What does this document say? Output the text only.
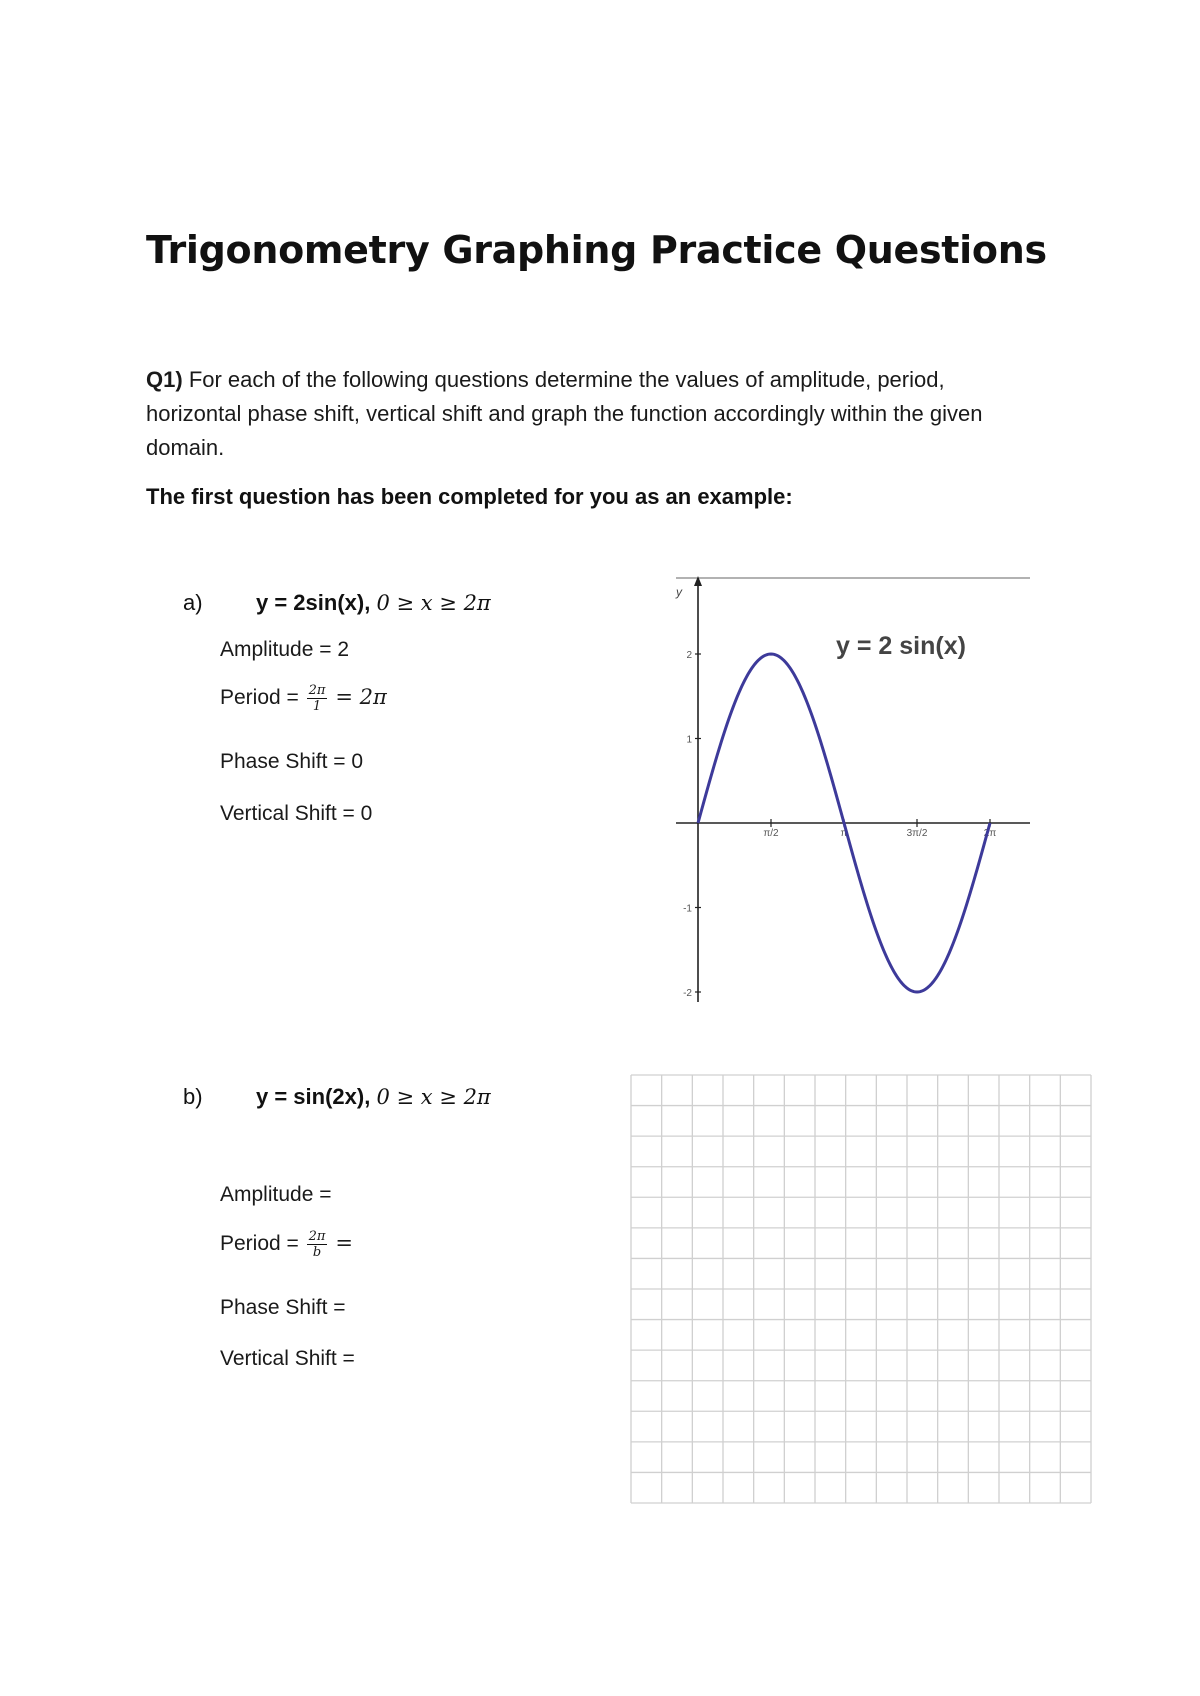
Trigonometry Graphing Practice Questions
Q1) For each of the following questions determine the values of amplitude, period, horizontal phase shift, vertical shift and graph the function accordingly within the given domain.
The first question has been completed for you as an example:
a) y = 2sin(x), 0 ≥ x ≥ 2π
Amplitude = 2
Period = $\frac{2\pi}{1} = 2\pi$
Phase Shift = 0
Vertical Shift = 0
y
y = 2 sin(x)
π/2	π	3π/2	2π
2
1
-1
-2
b) y = sin(2x), 0 ≥ x ≥ 2π
Amplitude =
Period = $\frac{2\pi}{b}$ =
Phase Shift =
Vertical Shift =
